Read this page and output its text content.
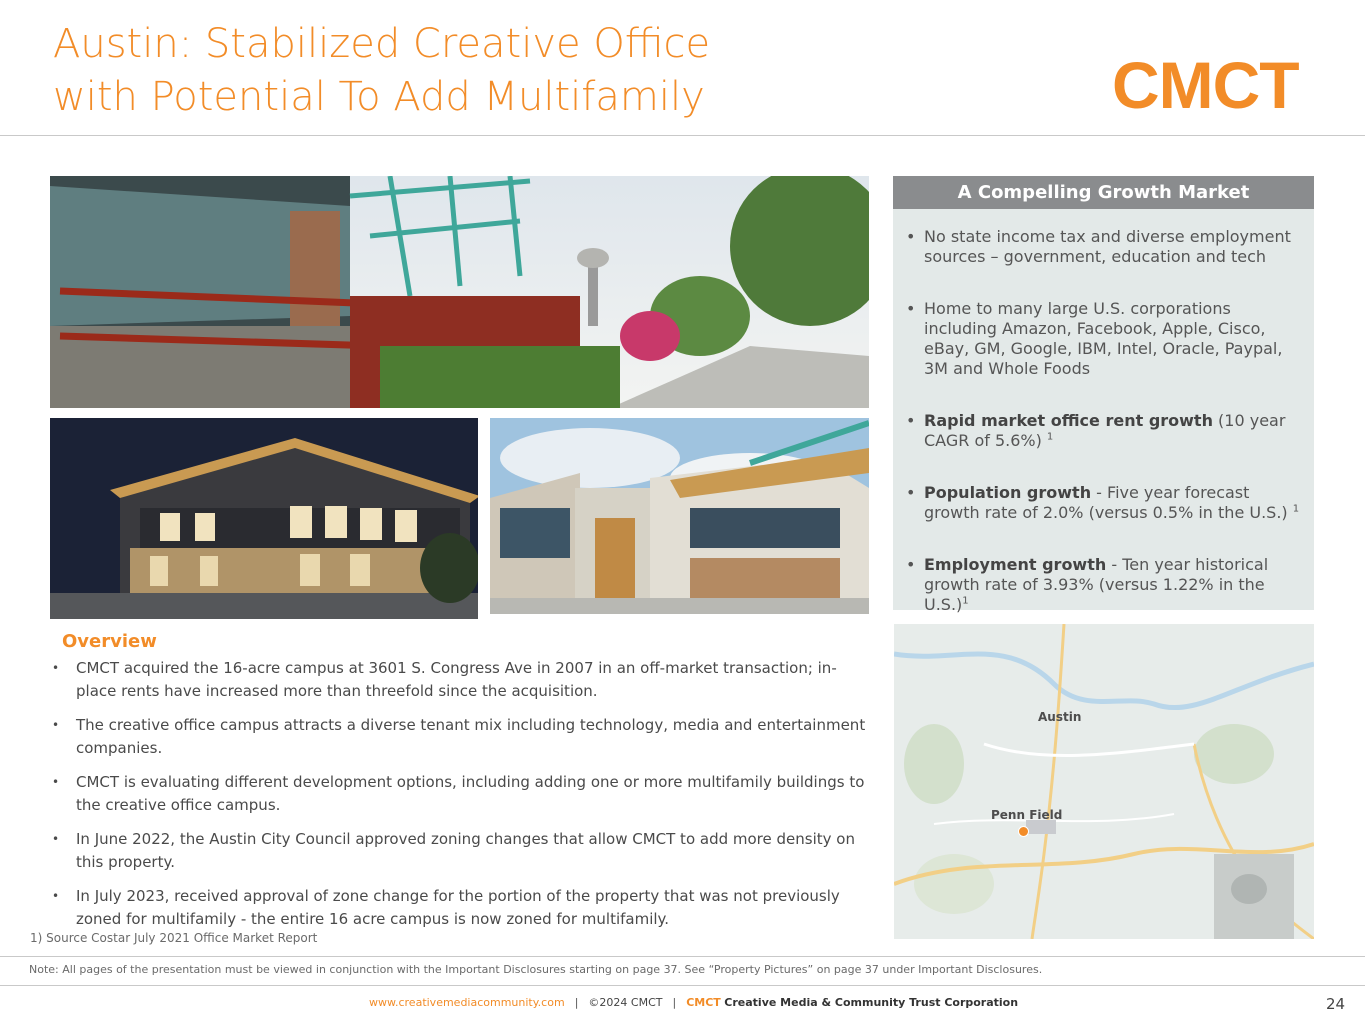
Austin: Stabilized Creative Office
with Potential To Add Multifamily	CMCT
A Compelling Growth Market
• No state income tax and diverse employment sources – government, education and tech
• Home to many large U.S. corporations including Amazon, Facebook, Apple, Cisco, eBay, GM, Google, IBM, Intel, Oracle, Paypal, 3M and Whole Foods
• Rapid market office rent growth (10 year CAGR of 5.6%) $^1$
• Population growth - Five year forecast growth rate of 2.0% (versus 0.5% in the U.S.) $^1$
• Employment growth - Ten year historical growth rate of 3.93% (versus 1.22% in the U.S.)$^1$
Austin
Penn Field
Overview
• CMCT acquired the 16-acre campus at 3601 S. Congress Ave in 2007 in an off-market transaction; in-place rents have increased more than threefold since the acquisition.
• The creative office campus attracts a diverse tenant mix including technology, media and entertainment companies.
• CMCT is evaluating different development options, including adding one or more multifamily buildings to the creative office campus.
• In June 2022, the Austin City Council approved zoning changes that allow CMCT to add more density on this property.
• In July 2023, received approval of zone change for the portion of the property that was not previously zoned for multifamily - the entire 16 acre campus is now zoned for multifamily.
1) Source Costar July 2021 Office Market Report
Note: All pages of the presentation must be viewed in conjunction with the Important Disclosures starting on page 37. See “Property Pictures” on page 37 under Important Disclosures.
www.creativemediacommunity.com | ©2024 CMCT | CMCT Creative Media & Community Trust Corporation	24
